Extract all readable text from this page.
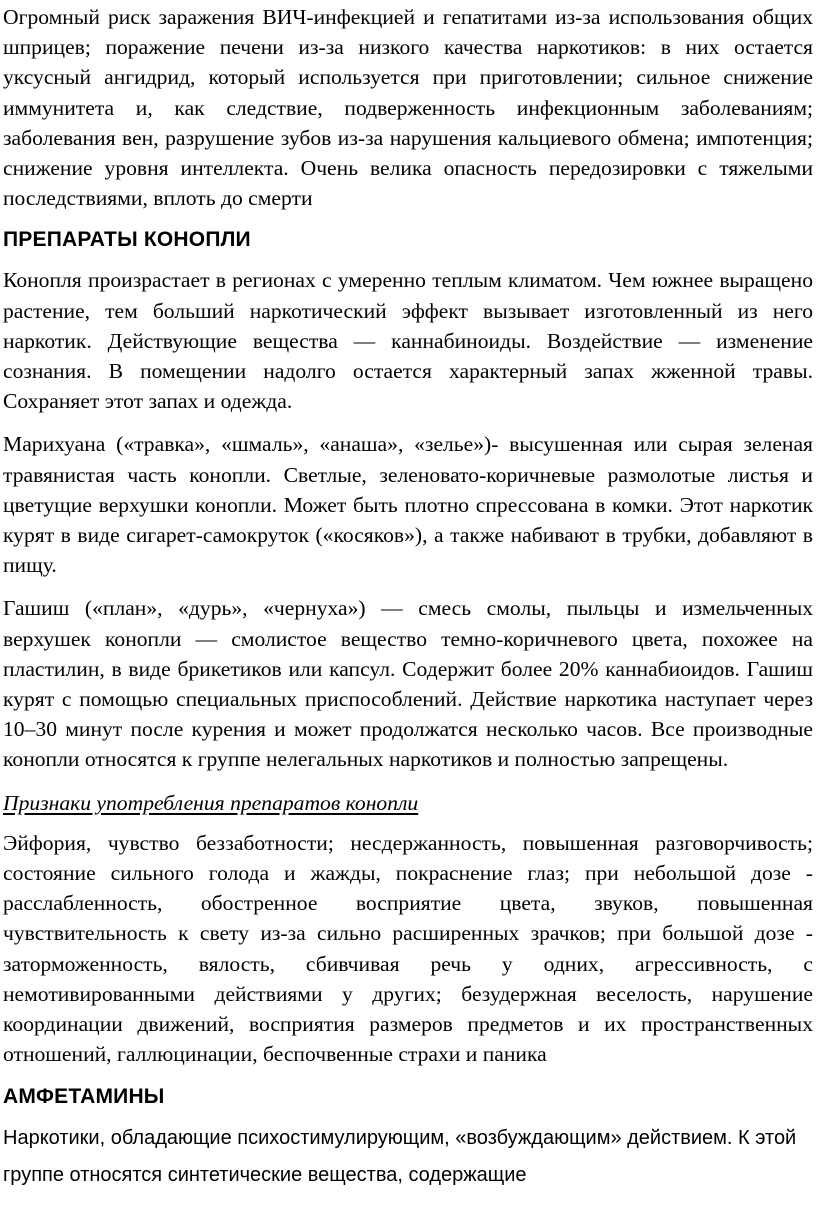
Огромный риск заражения ВИЧ-инфекцией и гепатитами из-за использования общих шприцев; поражение печени из-за низкого качества наркотиков: в них остается уксусный ангидрид, который используется при приготовлении; сильное снижение иммунитета и, как следствие, подверженность инфекционным заболеваниям; заболевания вен, разрушение зубов из-за нарушения кальциевого обмена; импотенция; снижение уровня интеллекта. Очень велика опасность передозировки с тяжелыми последствиями, вплоть до смерти

ПРЕПАРАТЫ КОНОПЛИ

Конопля произрастает в регионах с умеренно теплым климатом. Чем южнее выращено растение, тем больший наркотический эффект вызывает изготовленный из него наркотик. Действующие вещества — каннабиноиды. Воздействие — изменение сознания. В помещении надолго остается характерный запах жженной травы. Сохраняет этот запах и одежда.

Марихуана («травка», «шмаль», «анаша», «зелье»)- высушенная или сырая зеленая травянистая часть конопли. Светлые, зеленовато-коричневые размолотые листья и цветущие верхушки конопли. Может быть плотно спрессована в комки. Этот наркотик курят в виде сигарет-самокруток («косяков»), а также набивают в трубки, добавляют в пищу.

Гашиш («план», «дурь», «чернуха») — смесь смолы, пыльцы и измельченных верхушек конопли — смолистое вещество темно-коричневого цвета, похожее на пластилин, в виде брикетиков или капсул. Содержит более 20% каннабиоидов. Гашиш курят с помощью специальных приспособлений. Действие наркотика наступает через 10–30 минут после курения и может продолжатся несколько часов. Все производные конопли относятся к группе нелегальных наркотиков и полностью запрещены.

Признаки употребления препаратов конопли

Эйфория, чувство беззаботности; несдержанность, повышенная разговорчивость; состояние сильного голода и жажды, покраснение глаз; при небольшой дозе - расслабленность, обостренное восприятие цвета, звуков, повышенная чувствительность к свету из-за сильно расширенных зрачков; при большой дозе - заторможенность, вялость, сбивчивая речь у одних, агрессивность, с немотивированными действиями у других; безудержная веселость, нарушение координации движений, восприятия размеров предметов и их пространственных отношений, галлюцинации, беспочвенные страхи и паника

АМФЕТАМИНЫ

Наркотики, обладающие психостимулирующим, «возбуждающим» действием. К этой группе относятся синтетические вещества, содержащие
